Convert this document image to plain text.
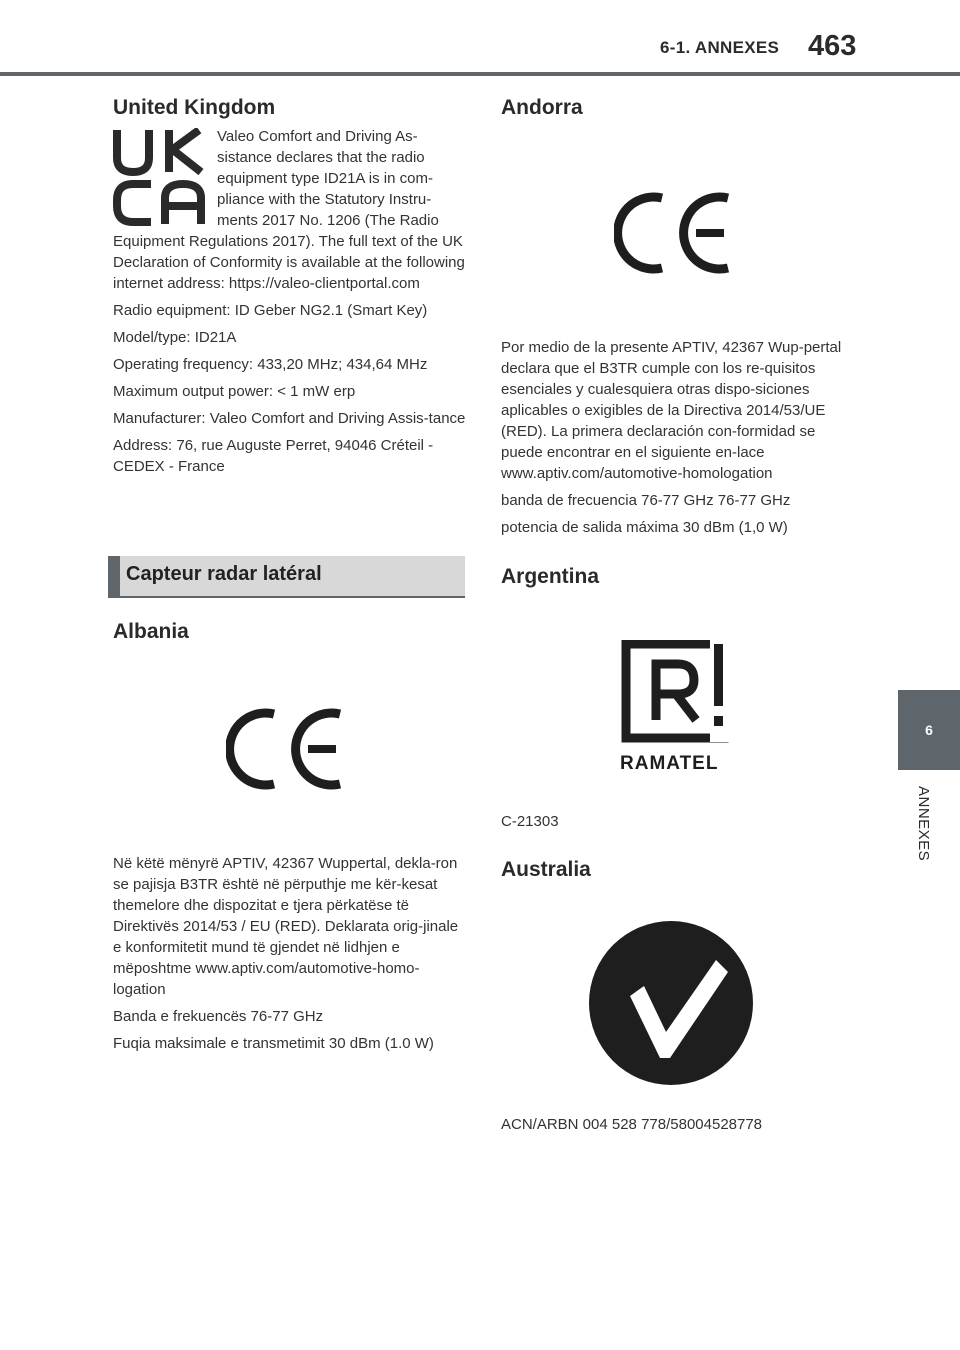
6-1. ANNEXES 463
6
ANNEXES
United Kingdom

Valeo Comfort and Driving As-sistance declares that the radio equipment type ID21A is in com-pliance with the Statutory Instru-ments 2017 No. 1206 (The Radio Equipment Regulations 2017). The full text of the UK Declaration of Conformity is available at the following internet address: https://valeo-clientportal.com

Radio equipment: ID Geber NG2.1 (Smart Key)

Model/type: ID21A

Operating frequency: 433,20 MHz; 434,64 MHz

Maximum output power: < 1 mW erp

Manufacturer: Valeo Comfort and Driving Assis-tance

Address: 76, rue Auguste Perret, 94046 Créteil - CEDEX - France

Capteur radar latéral
Albania

Në këtë mënyrë APTIV, 42367 Wuppertal, dekla-ron se pajisja B3TR është në përputhje me kër-kesat themelore dhe dispozitat e tjera përkatëse të Direktivës 2014/53 / EU (RED). Deklarata orig-jinale e konformitetit mund të gjendet në lidhjen e mëposhtme www.aptiv.com/automotive-homo-logation

Banda e frekuencës 76-77 GHz

Fuqia maksimale e transmetimit 30 dBm (1.0 W)

Andorra

Por medio de la presente APTIV, 42367 Wup-pertal declara que el B3TR cumple con los re-quisitos esenciales y cualesquiera otras dispo-siciones aplicables o exigibles de la Directiva 2014/53/UE (RED). La primera declaración con-formidad se puede encontrar en el siguiente en-lace www.aptiv.com/automotive-homologation

banda de frecuencia 76-77 GHz 76-77 GHz

potencia de salida máxima 30 dBm (1,0 W)

Argentina
RAMATEL

C-21303

Australia

ACN/ARBN 004 528 778/58004528778
